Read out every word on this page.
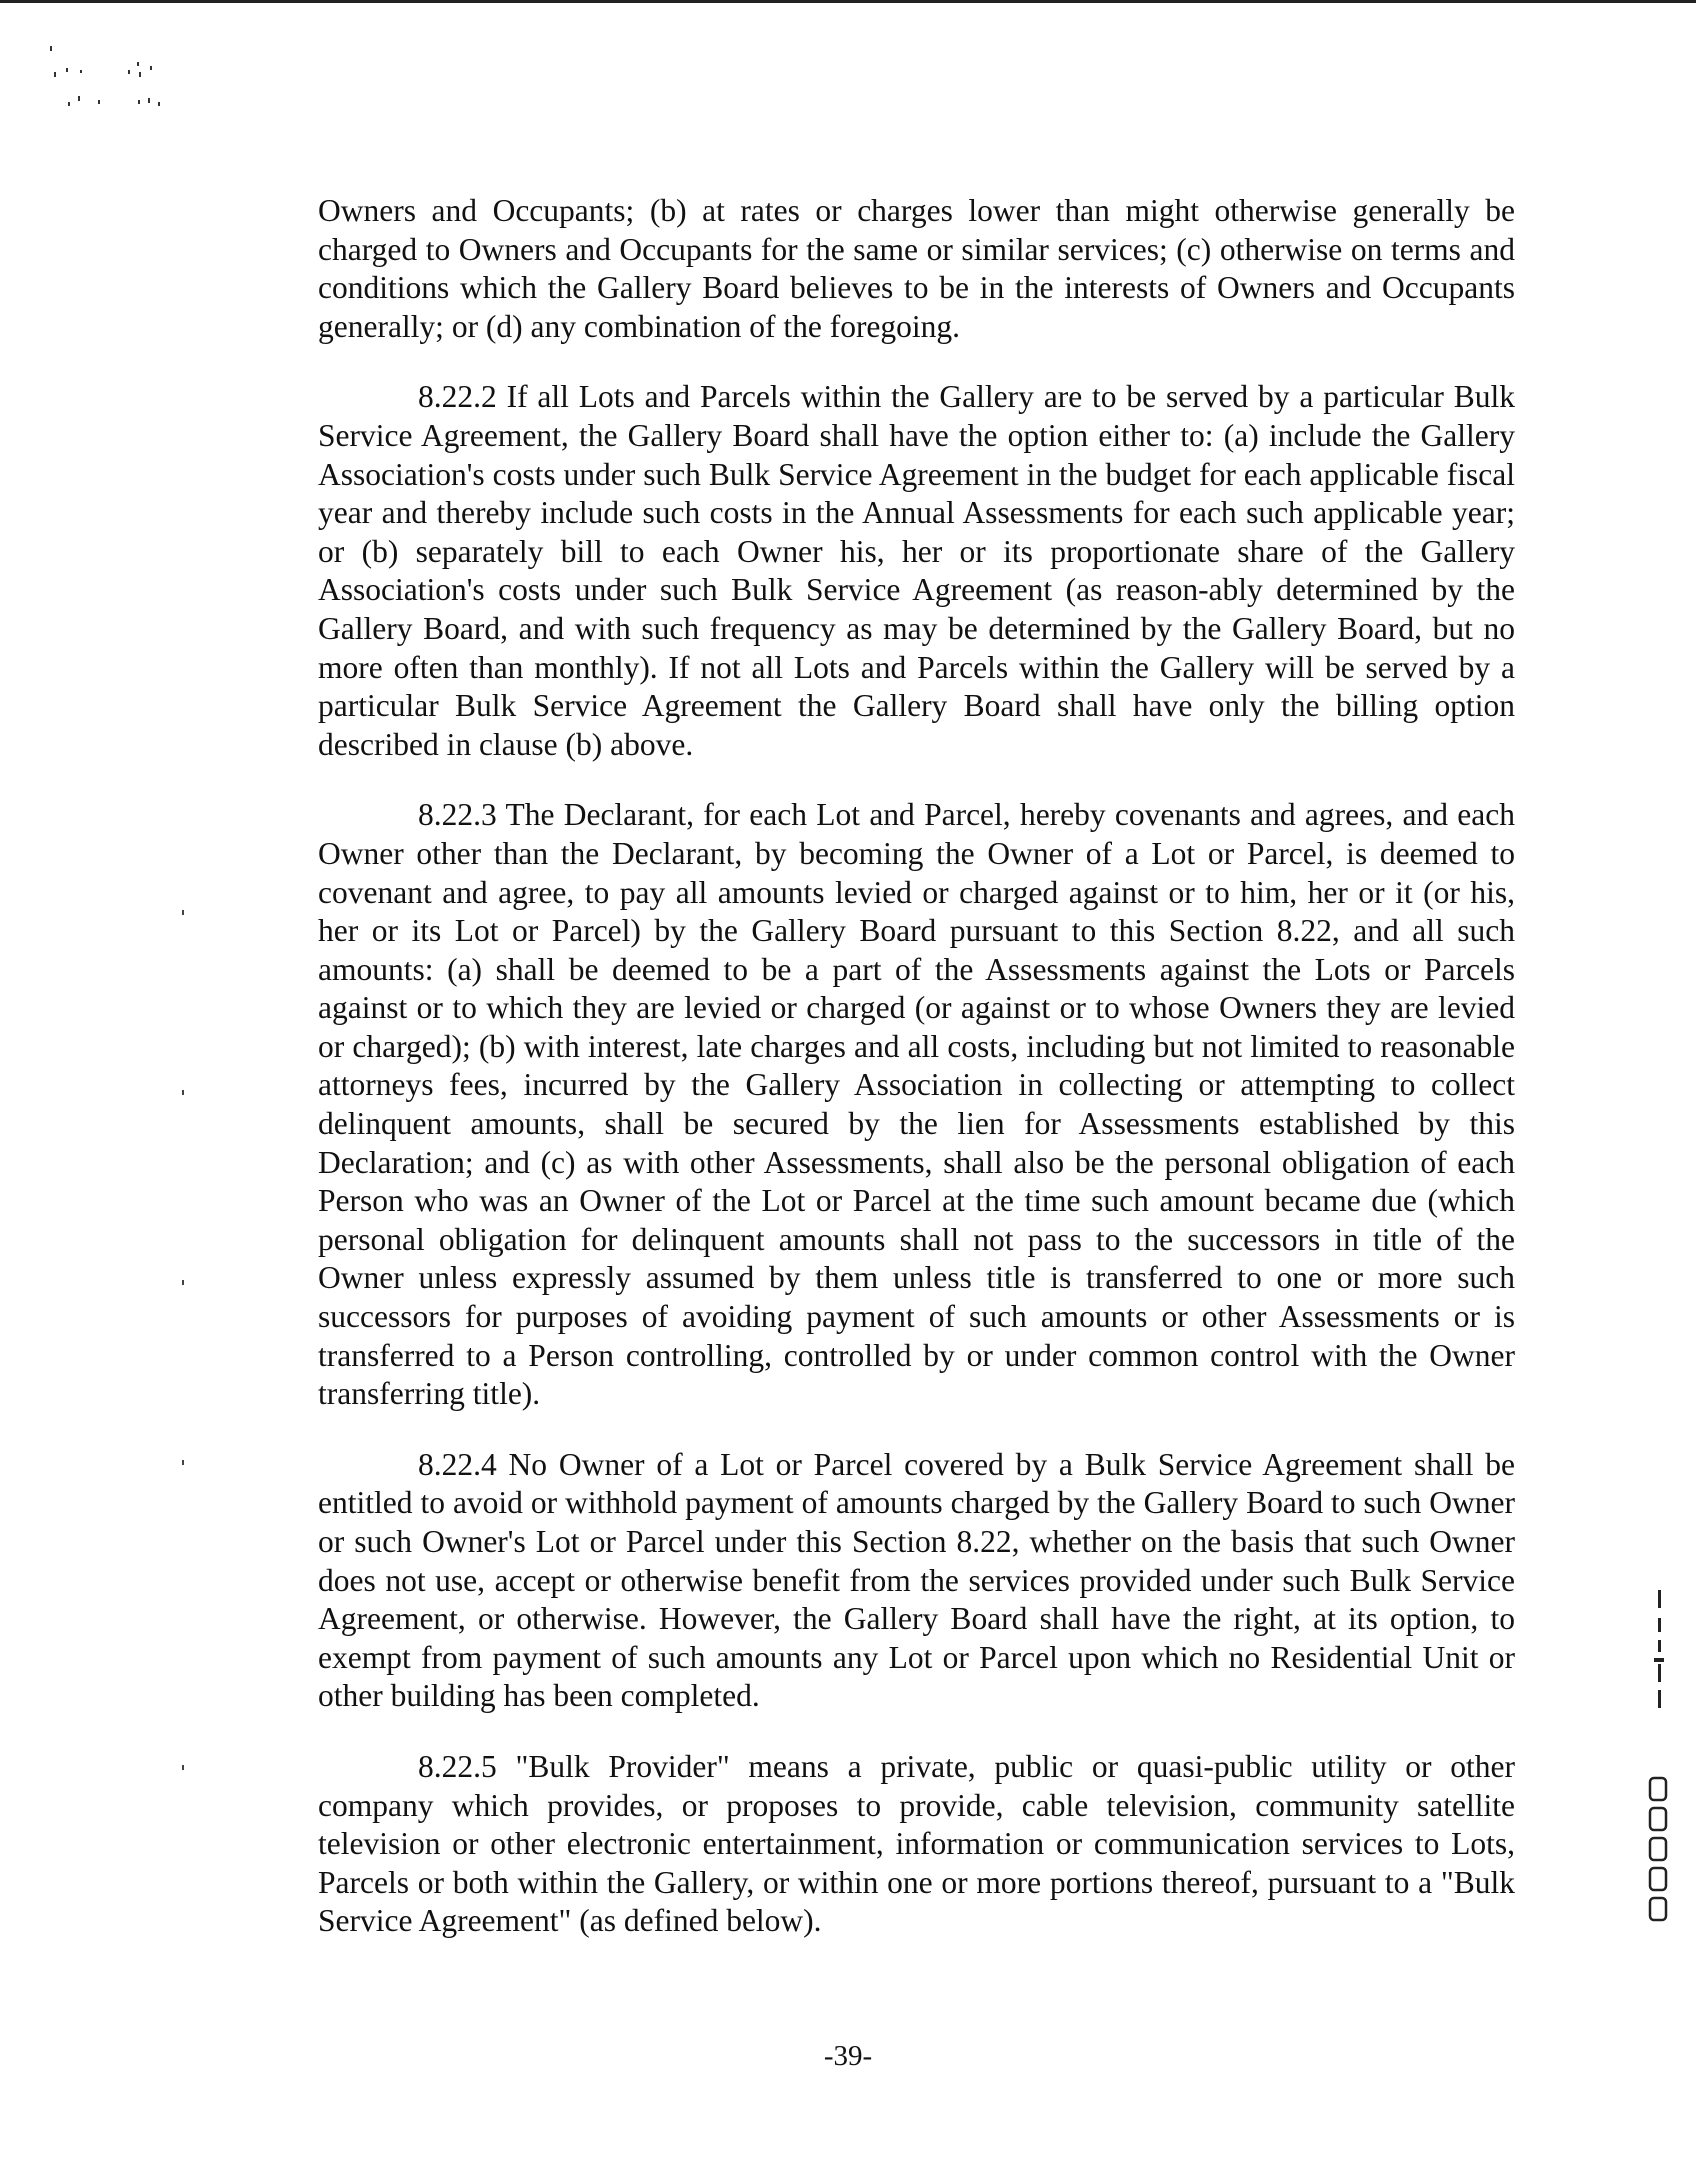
Owners and Occupants; (b) at rates or charges lower than might otherwise generally be charged to Owners and Occupants for the same or similar services; (c) otherwise on terms and conditions which the Gallery Board believes to be in the interests of Owners and Occupants generally; or (d) any combination of the foregoing.

8.22.2 If all Lots and Parcels within the Gallery are to be served by a particular Bulk Service Agreement, the Gallery Board shall have the option either to: (a) include the Gallery Association's costs under such Bulk Service Agreement in the budget for each applicable fiscal year and thereby include such costs in the Annual Assessments for each such applicable year; or (b) separately bill to each Owner his, her or its proportionate share of the Gallery Association's costs under such Bulk Service Agreement (as reason-ably determined by the Gallery Board, and with such frequency as may be determined by the Gallery Board, but no more often than monthly). If not all Lots and Parcels within the Gallery will be served by a particular Bulk Service Agreement the Gallery Board shall have only the billing option described in clause (b) above.

8.22.3 The Declarant, for each Lot and Parcel, hereby covenants and agrees, and each Owner other than the Declarant, by becoming the Owner of a Lot or Parcel, is deemed to covenant and agree, to pay all amounts levied or charged against or to him, her or it (or his, her or its Lot or Parcel) by the Gallery Board pursuant to this Section 8.22, and all such amounts: (a) shall be deemed to be a part of the Assessments against the Lots or Parcels against or to which they are levied or charged (or against or to whose Owners they are levied or charged); (b) with interest, late charges and all costs, including but not limited to reasonable attorneys fees, incurred by the Gallery Association in collecting or attempting to collect delinquent amounts, shall be secured by the lien for Assessments established by this Declaration; and (c) as with other Assessments, shall also be the personal obligation of each Person who was an Owner of the Lot or Parcel at the time such amount became due (which personal obligation for delinquent amounts shall not pass to the successors in title of the Owner unless expressly assumed by them unless title is transferred to one or more such successors for purposes of avoiding payment of such amounts or other Assessments or is transferred to a Person controlling, controlled by or under common control with the Owner transferring title).

8.22.4 No Owner of a Lot or Parcel covered by a Bulk Service Agreement shall be entitled to avoid or withhold payment of amounts charged by the Gallery Board to such Owner or such Owner's Lot or Parcel under this Section 8.22, whether on the basis that such Owner does not use, accept or otherwise benefit from the services provided under such Bulk Service Agreement, or otherwise. However, the Gallery Board shall have the right, at its option, to exempt from payment of such amounts any Lot or Parcel upon which no Residential Unit or other building has been completed.

8.22.5 "Bulk Provider" means a private, public or quasi-public utility or other company which provides, or proposes to provide, cable television, community satellite television or other electronic entertainment, information or communication services to Lots, Parcels or both within the Gallery, or within one or more portions thereof, pursuant to a "Bulk Service Agreement" (as defined below).

-39-
